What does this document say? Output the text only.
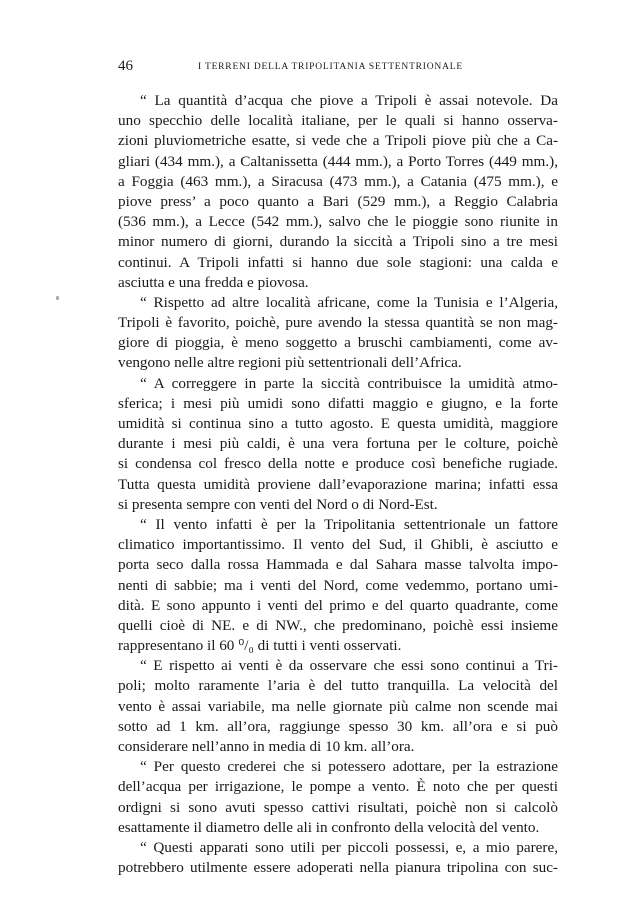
46	I TERRENI DELLA TRIPOLITANIA SETTENTRIONALE
“ La quantità d’acqua che piove a Tripoli è assai notevole. Da
uno specchio delle località italiane, per le quali si hanno osserva-
zioni pluviometriche esatte, si vede che a Tripoli piove più che a Ca-
gliari (434 mm.), a Caltanissetta (444 mm.), a Porto Torres (449 mm.),
a Foggia (463 mm.), a Siracusa (473 mm.), a Catania (475 mm.), e
piove press’ a poco quanto a Bari (529 mm.), a Reggio Calabria
(536 mm.), a Lecce (542 mm.), salvo che le pioggie sono riunite in
minor numero di giorni, durando la siccità a Tripoli sino a tre mesi
continui. A Tripoli infatti si hanno due sole stagioni: una calda e
asciutta e una fredda e piovosa.
“ Rispetto ad altre località africane, come la Tunisia e l’Algeria,
Tripoli è favorito, poichè, pure avendo la stessa quantità se non mag-
giore di pioggia, è meno soggetto a bruschi cambiamenti, come av-
vengono nelle altre regioni più settentrionali dell’Africa.
“ A correggere in parte la siccità contribuisce la umidità atmo-
sferica; i mesi più umidi sono difatti maggio e giugno, e la forte
umidità si continua sino a tutto agosto. E questa umidità, maggiore
durante i mesi più caldi, è una vera fortuna per le colture, poichè
si condensa col fresco della notte e produce così benefiche rugiade.
Tutta questa umidità proviene dall’evaporazione marina; infatti essa
si presenta sempre con venti del Nord o di Nord-Est.
“ Il vento infatti è per la Tripolitania settentrionale un fattore
climatico importantissimo. Il vento del Sud, il Ghibli, è asciutto e
porta seco dalla rossa Hammada e dal Sahara masse talvolta impo-
nenti di sabbie; ma i venti del Nord, come vedemmo, portano umi-
dità. E sono appunto i venti del primo e del quarto quadrante, come
quelli cioè di NE. e di NW., che predominano, poichè essi insieme
rappresentano il 60 ⁰/₀ di tutti i venti osservati.
“ E rispetto ai venti è da osservare che essi sono continui a Tri-
poli; molto raramente l’aria è del tutto tranquilla. La velocità del
vento è assai variabile, ma nelle giornate più calme non scende mai
sotto ad 1 km. all’ora, raggiunge spesso 30 km. all’ora e si può
considerare nell’anno in media di 10 km. all’ora.
“ Per questo crederei che si potessero adottare, per la estrazione
dell’acqua per irrigazione, le pompe a vento. È noto che per questi
ordigni si sono avuti spesso cattivi risultati, poichè non si calcolò
esattamente il diametro delle ali in confronto della velocità del vento.
“ Questi apparati sono utili per piccoli possessi, e, a mio parere,
potrebbero utilmente essere adoperati nella pianura tripolina con suc-
